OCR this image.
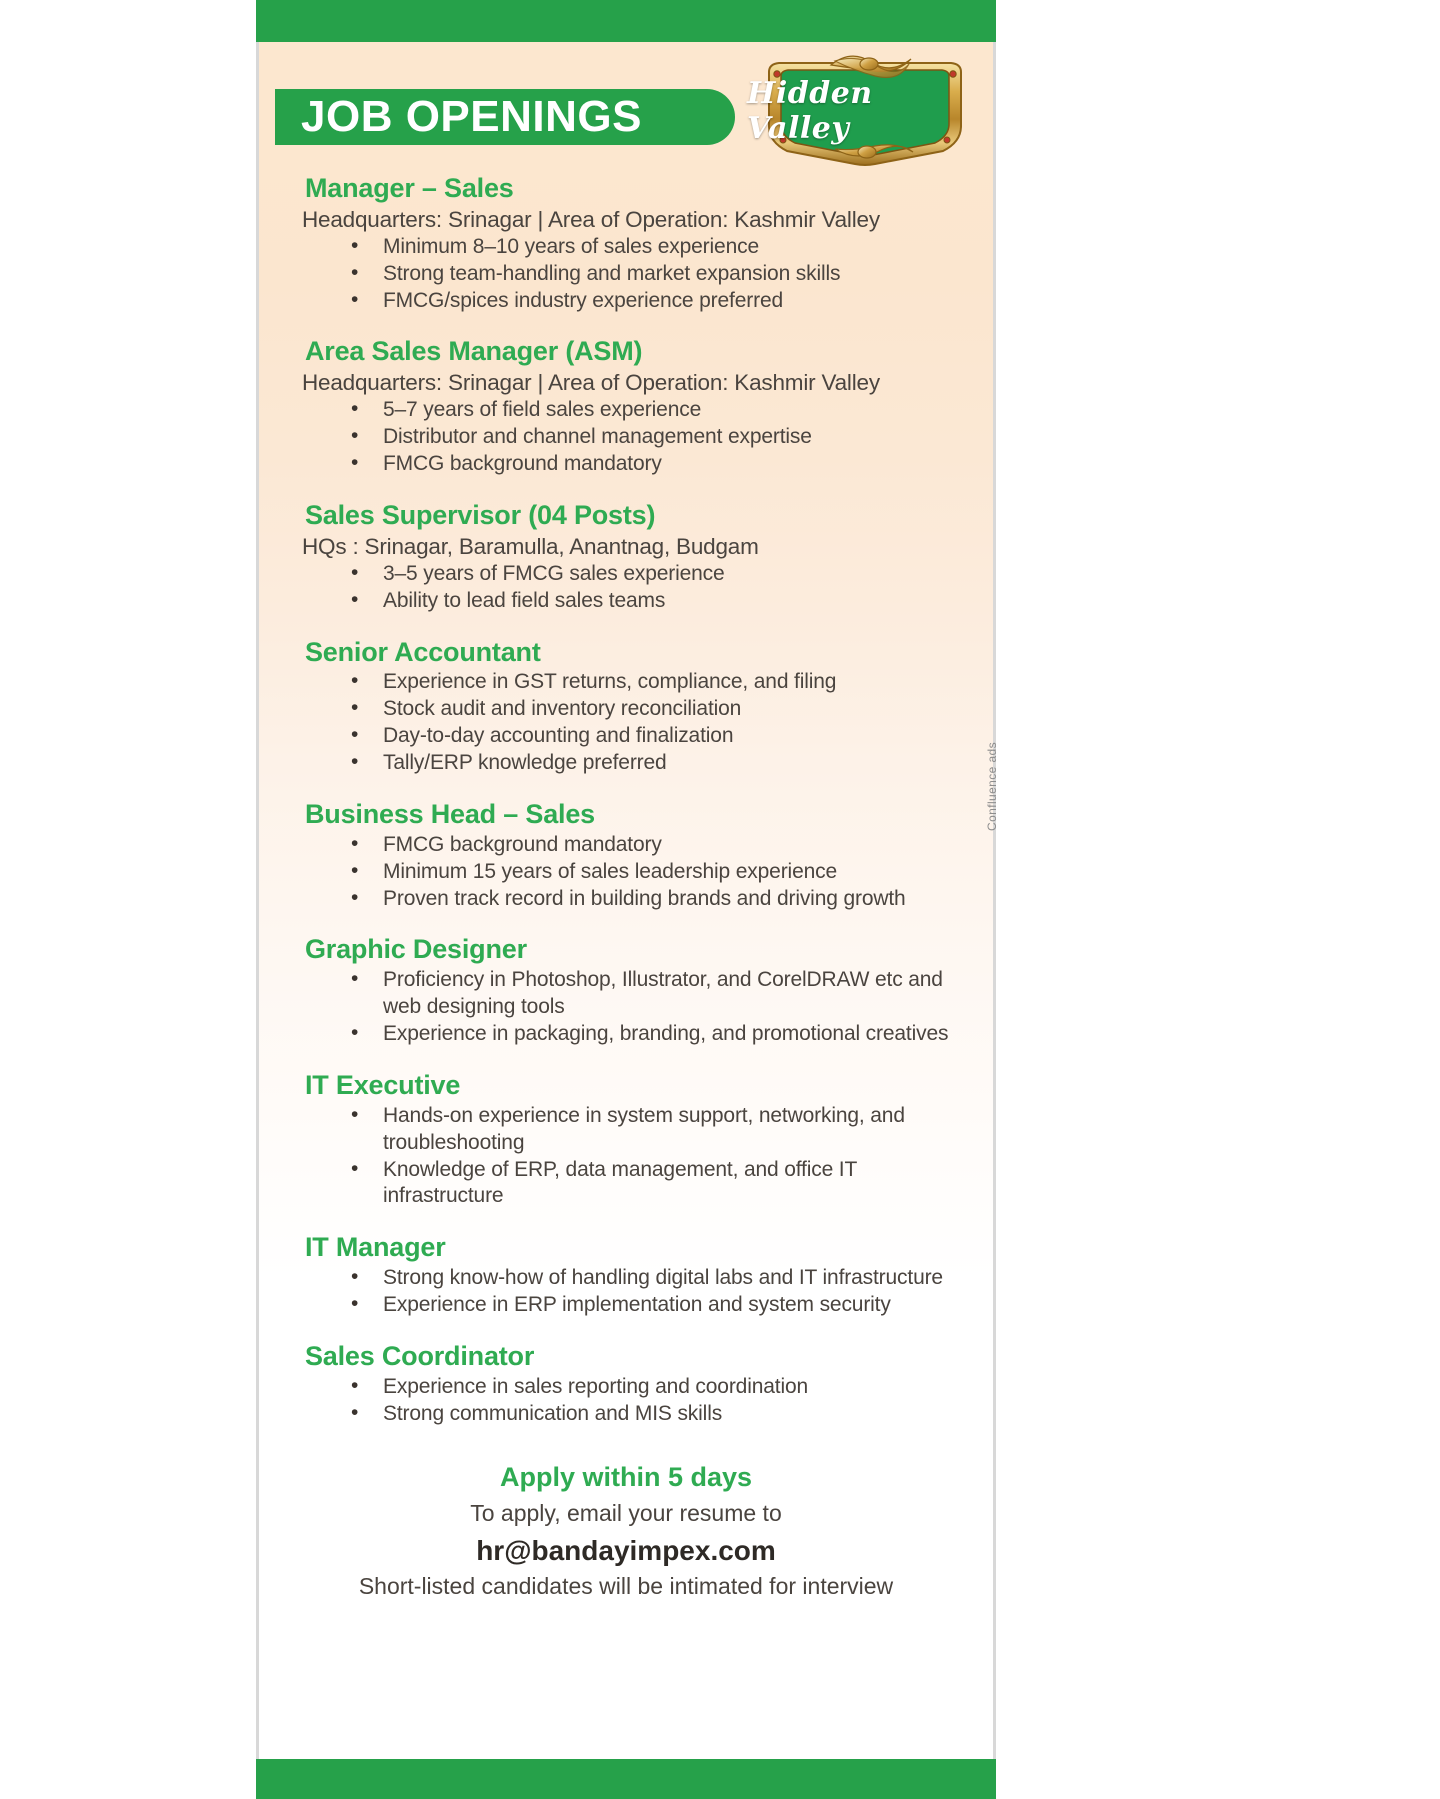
JOB OPENINGS	Hidden Valley
Manager – Sales
Headquarters: Srinagar | Area of Operation: Kashmir Valley
• Minimum 8–10 years of sales experience
• Strong team-handling and market expansion skills
• FMCG/spices industry experience preferred
Area Sales Manager (ASM)
Headquarters: Srinagar | Area of Operation: Kashmir Valley
• 5–7 years of field sales experience
• Distributor and channel management expertise
• FMCG background mandatory
Sales Supervisor (04 Posts)
HQs : Srinagar, Baramulla, Anantnag, Budgam
• 3–5 years of FMCG sales experience
• Ability to lead field sales teams
Senior Accountant
• Experience in GST returns, compliance, and filing
• Stock audit and inventory reconciliation
• Day-to-day accounting and finalization
• Tally/ERP knowledge preferred
Business Head – Sales
• FMCG background mandatory
• Minimum 15 years of sales leadership experience
• Proven track record in building brands and driving growth
Graphic Designer
• Proficiency in Photoshop, Illustrator, and CorelDRAW etc and web designing tools
• Experience in packaging, branding, and promotional creatives
IT Executive
• Hands-on experience in system support, networking, and troubleshooting
• Knowledge of ERP, data management, and office IT infrastructure
IT Manager
• Strong know-how of handling digital labs and IT infrastructure
• Experience in ERP implementation and system security
Sales Coordinator
• Experience in sales reporting and coordination
• Strong communication and MIS skills
Apply within 5 days
To apply, email your resume to
hr@bandayimpex.com
Short-listed candidates will be intimated for interview
Confluence ads
